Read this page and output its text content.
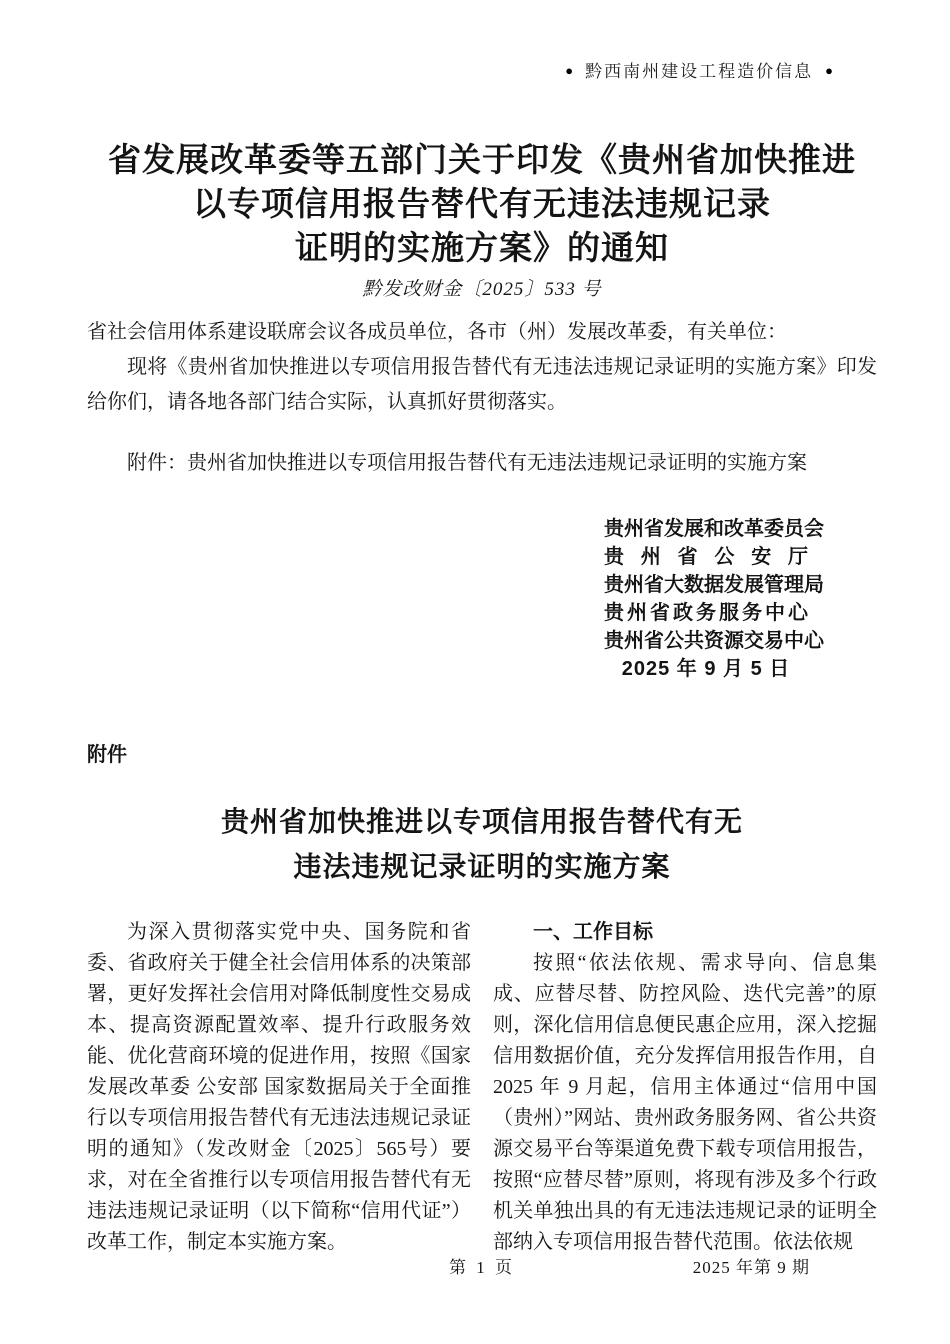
● 黔西南州建设工程造价信息 ●
省发展改革委等五部门关于印发《贵州省加快推进
以专项信用报告替代有无违法违规记录
证明的实施方案》的通知
黔发改财金〔2025〕533 号

省社会信用体系建设联席会议各成员单位，各市（州）发展改革委，有关单位：

现将《贵州省加快推进以专项信用报告替代有无违法违规记录证明的实施方案》印发给你们，请各地各部门结合实际，认真抓好贯彻落实。

附件：贵州省加快推进以专项信用报告替代有无违法违规记录证明的实施方案
贵州省发展和改革委员会
贵州省公安厅
贵州省大数据发展管理局
贵州省政务服务中心
贵州省公共资源交易中心
2025 年 9 月 5 日
附件
贵州省加快推进以专项信用报告替代有无
违法违规记录证明的实施方案

为深入贯彻落实党中央、国务院和省委、省政府关于健全社会信用体系的决策部署，更好发挥社会信用对降低制度性交易成本、提高资源配置效率、提升行政服务效能、优化营商环境的促进作用，按照《国家发展改革委 公安部 国家数据局关于全面推行以专项信用报告替代有无违法违规记录证明的通知》（发改财金〔2025〕565号）要求，对在全省推行以专项信用报告替代有无违法违规记录证明（以下简称“信用代证”）改革工作，制定本实施方案。

一、工作目标

按照“依法依规、需求导向、信息集成、应替尽替、防控风险、迭代完善”的原则，深化信用信息便民惠企应用，深入挖掘信用数据价值，充分发挥信用报告作用，自 2025 年 9 月起，信用主体通过“信用中国（贵州）”网站、贵州政务服务网、省公共资源交易平台等渠道免费下载专项信用报告，按照“应替尽替”原则，将现有涉及多个行政机关单独出具的有无违法违规记录的证明全部纳入专项信用报告替代范围。依法依规

第 1 页	2025 年第 9 期
